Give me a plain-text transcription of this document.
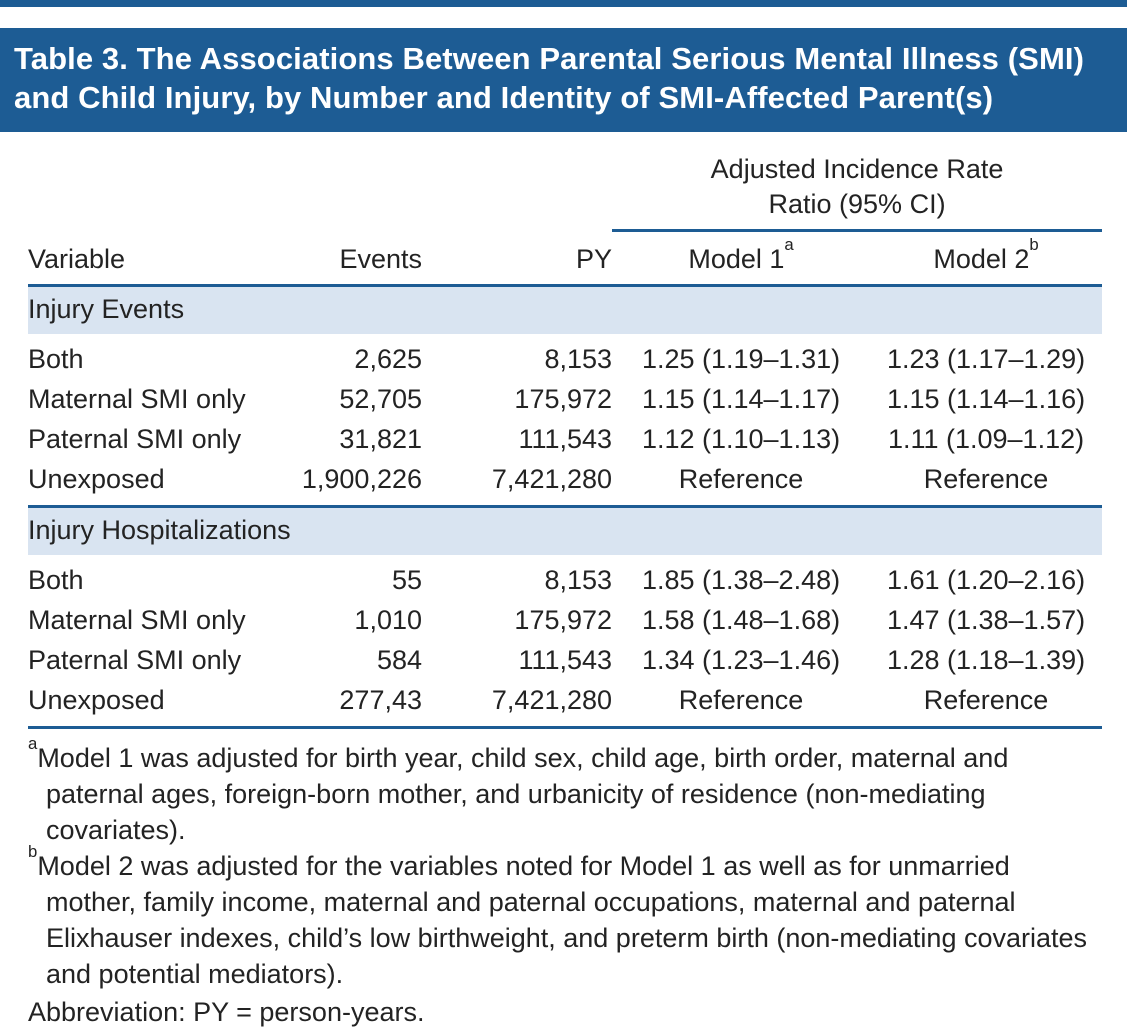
Table 3. The Associations Between Parental Serious Mental Illness (SMI) and Child Injury, by Number and Identity of SMI-Affected Parent(s)
			Adjusted Incidence Rate Ratio (95% CI)	
Variable	Events	PY	Model 1$^a$	Model 2$^b$
Injury Events				
Both	2,625	8,153	1.25 (1.19–1.31)	1.23 (1.17–1.29)
Maternal SMI only	52,705	175,972	1.15 (1.14–1.17)	1.15 (1.14–1.16)
Paternal SMI only	31,821	111,543	1.12 (1.10–1.13)	1.11 (1.09–1.12)
Unexposed	1,900,226	7,421,280	Reference	Reference
Injury Hospitalizations				
Both	55	8,153	1.85 (1.38–2.48)	1.61 (1.20–2.16)
Maternal SMI only	1,010	175,972	1.58 (1.48–1.68)	1.47 (1.38–1.57)
Paternal SMI only	584	111,543	1.34 (1.23–1.46)	1.28 (1.18–1.39)
Unexposed	277,43	7,421,280	Reference	Reference
$^a$Model 1 was adjusted for birth year, child sex, child age, birth order, maternal and paternal ages, foreign-born mother, and urbanicity of residence (non-mediating covariates).
$^b$Model 2 was adjusted for the variables noted for Model 1 as well as for unmarried mother, family income, maternal and paternal occupations, maternal and paternal Elixhauser indexes, child’s low birthweight, and preterm birth (non-mediating covariates and potential mediators).
Abbreviation: PY = person-years.
